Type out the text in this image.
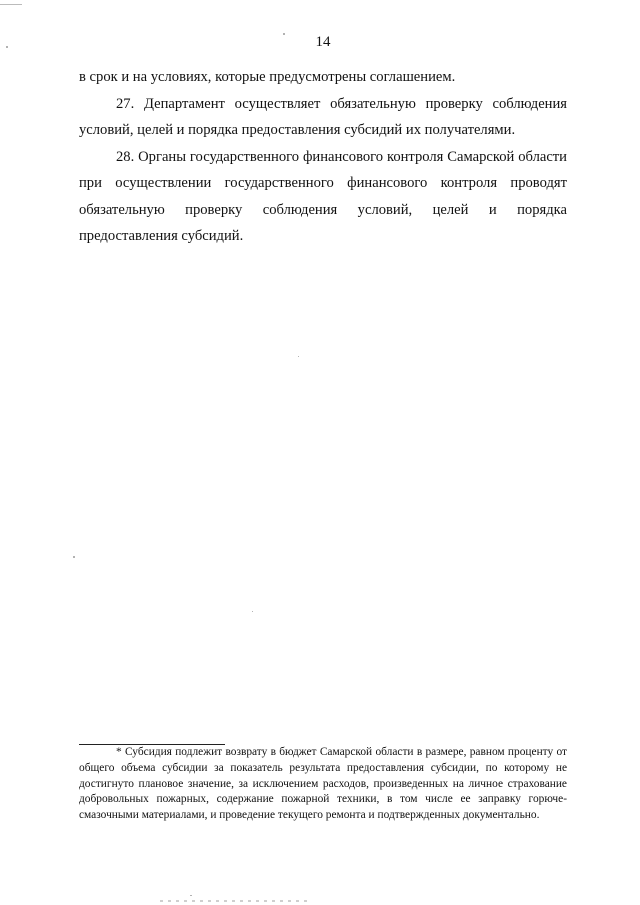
14

в срок и на условиях, которые предусмотрены соглашением.

27. Департамент осуществляет обязательную проверку соблюдения условий, целей и порядка предоставления субсидий их получателями.

28. Органы государственного финансового контроля Самарской области при осуществлении государственного финансового контроля проводят обязательную проверку соблюдения условий, целей и порядка предоставления субсидий.

* Субсидия подлежит возврату в бюджет Самарской области в размере, равном проценту от общего объема субсидии за показатель результата предоставления субсидии, по которому не достигнуто плановое значение, за исключением расходов, произведенных на личное страхование добровольных пожарных, содержание пожарной техники, в том числе ее заправку горюче-смазочными материалами, и проведение текущего ремонта и подтвержденных документально.
